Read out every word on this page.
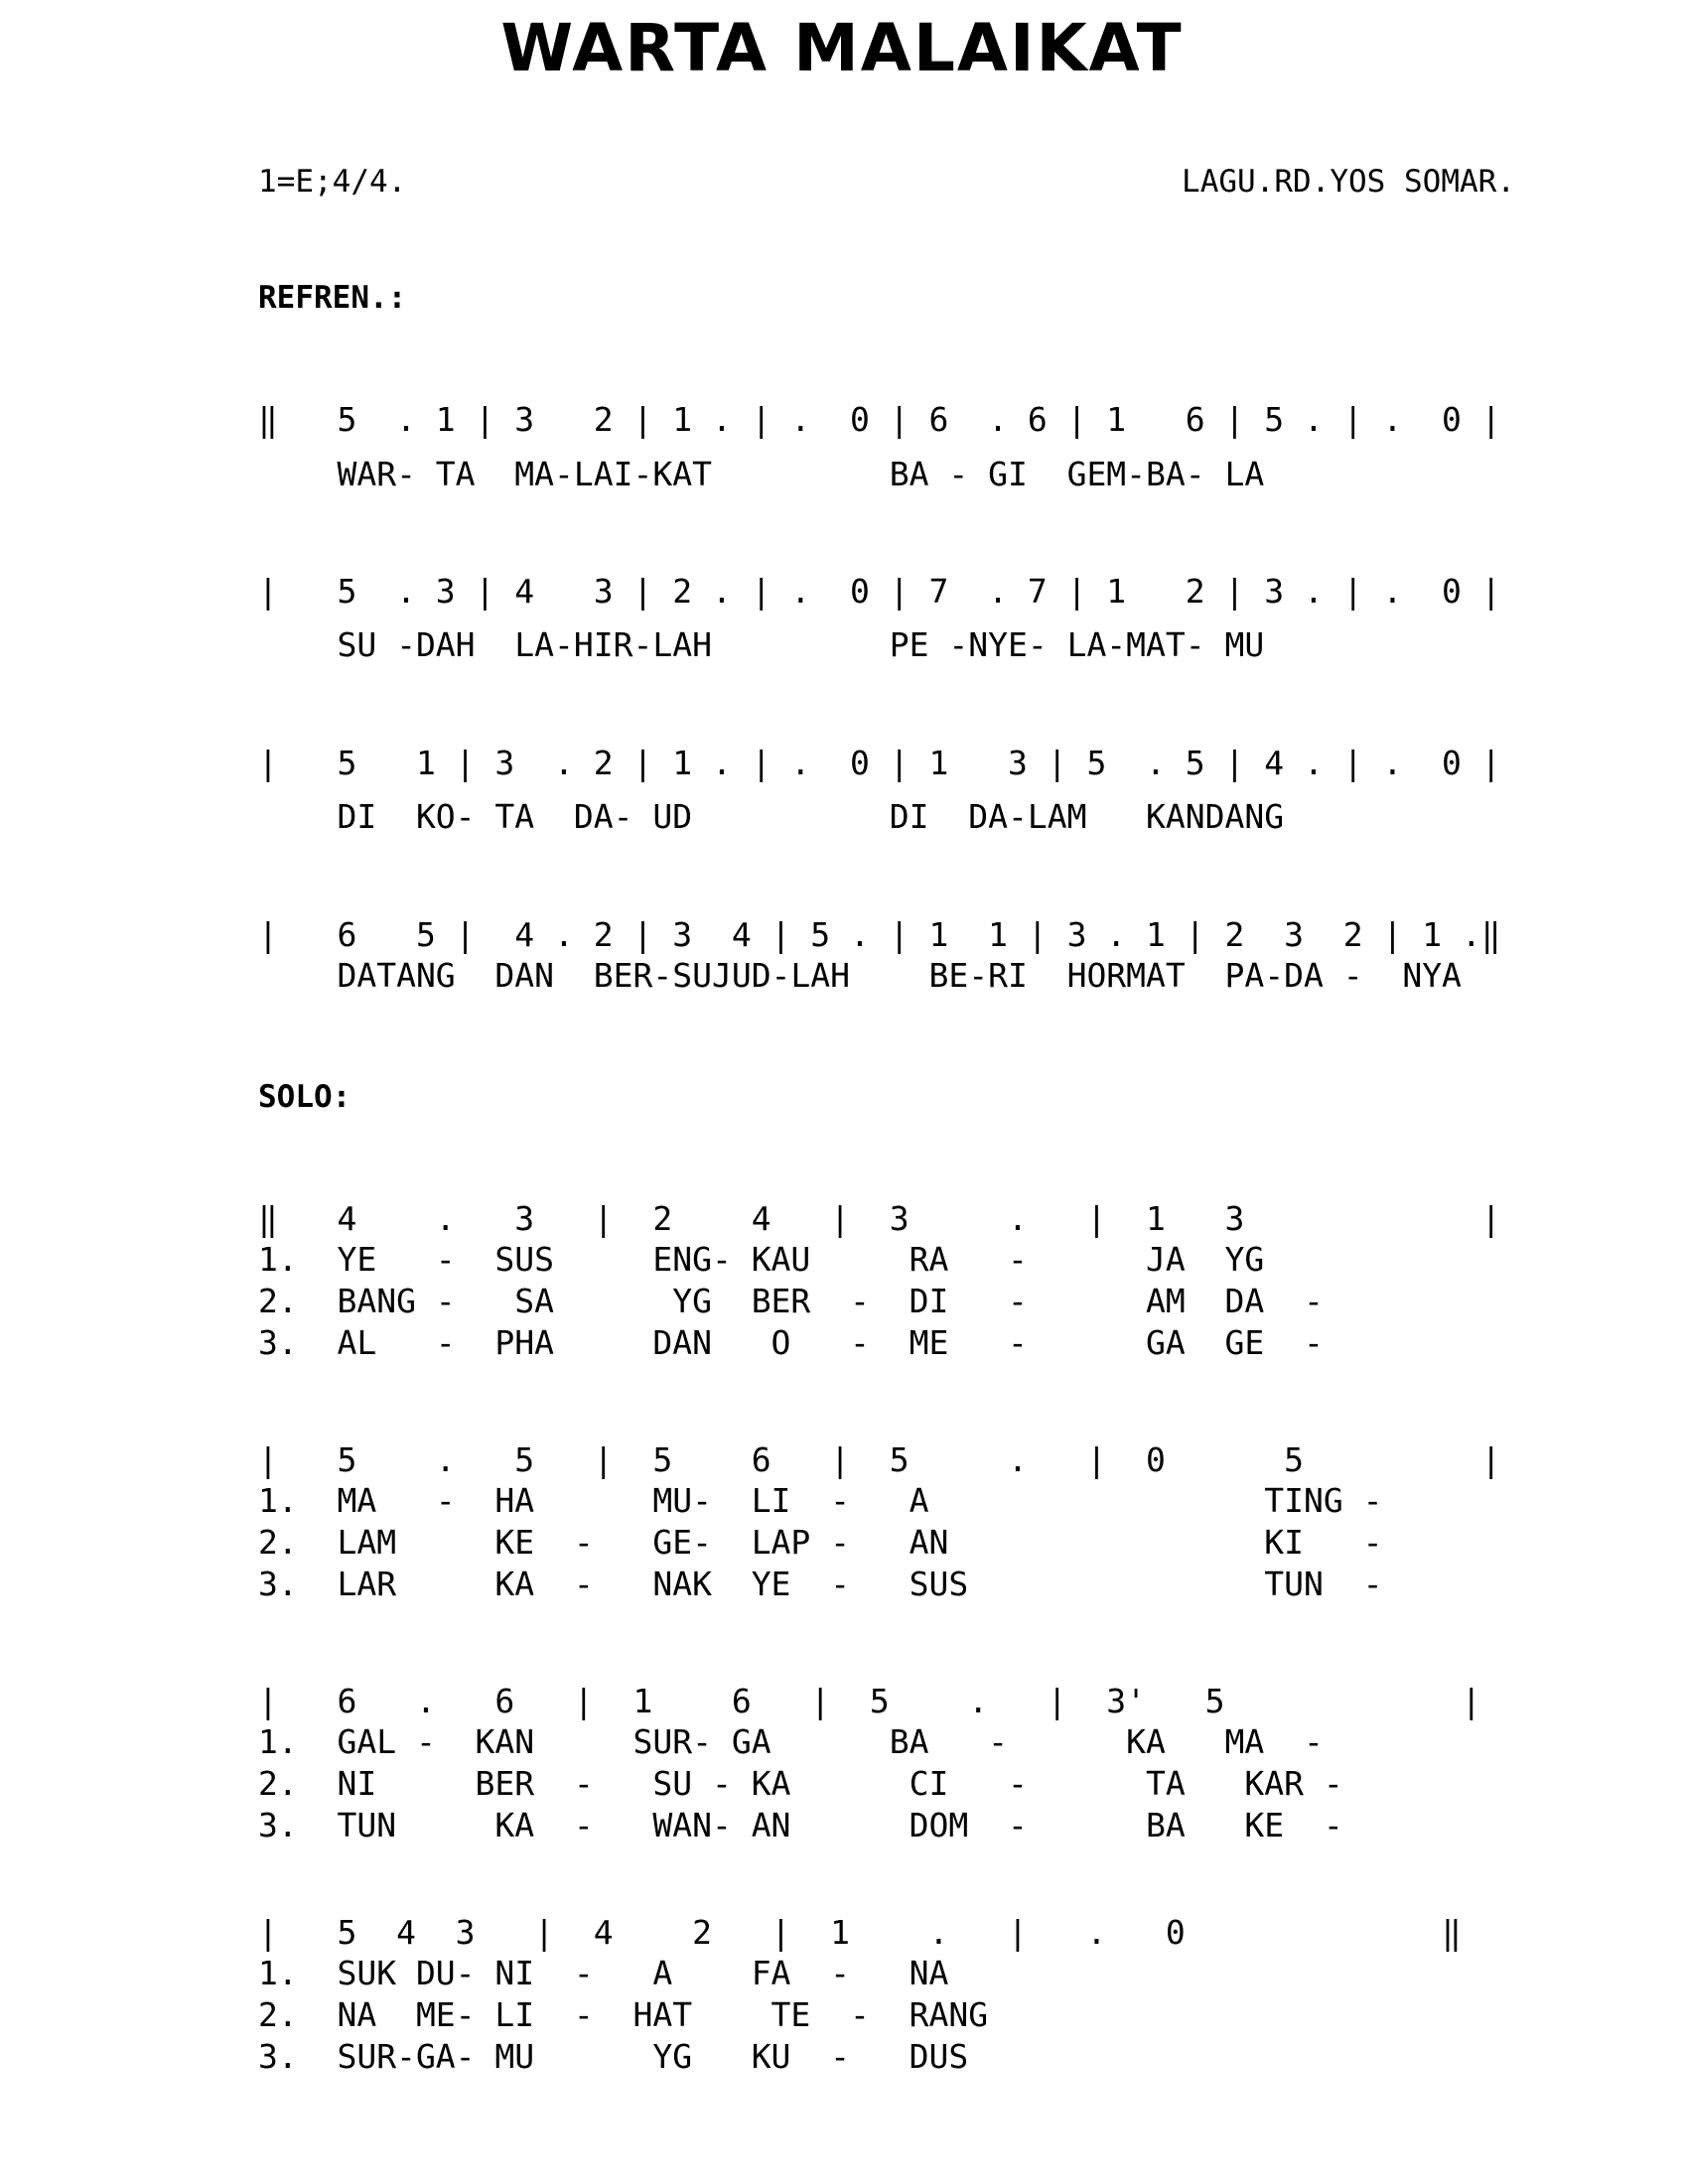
WARTA MALAIKAT
1=E;4/4.	LAGU.RD.YOS SOMAR.
REFREN.:
‖   5  . 1 | 3   2 | 1 . | .  0 | 6  . 6 | 1   6 | 5 . | .  0 |
WAR- TA  MA-LAI-KAT         BA - GI  GEM-BA- LA
|   5  . 3 | 4   3 | 2 . | .  0 | 7  . 7 | 1   2 | 3 . | .  0 |
SU -DAH  LA-HIR-LAH         PE -NYE- LA-MAT- MU
|   5   1 | 3  . 2 | 1 . | .  0 | 1   3 | 5  . 5 | 4 . | .  0 |
DI  KO- TA  DA- UD          DI  DA-LAM   KANDANG
|   6   5 |  4 . 2 | 3  4 | 5 . | 1  1 | 3 . 1 | 2  3  2 | 1 .‖
DATANG  DAN  BER-SUJUD-LAH    BE-RI  HORMAT  PA-DA -  NYA
SOLO:
‖   4    .   3   |  2    4   |  3     .   |  1   3            |
1.  YE   -  SUS     ENG- KAU     RA   -      JA  YG
2.  BANG -   SA      YG  BER  -  DI   -      AM  DA  -
3.  AL   -  PHA     DAN   O   -  ME   -      GA  GE  -
|   5    .   5   |  5    6   |  5     .   |  0      5         |
1.  MA   -  HA      MU-  LI  -   A                 TING -
2.  LAM     KE  -   GE-  LAP -   AN                KI   -
3.  LAR     KA  -   NAK  YE  -   SUS               TUN  -
|   6   .   6   |  1    6   |  5    .   |  3'   5            |
1.  GAL -  KAN     SUR- GA      BA   -      KA   MA  -
2.  NI     BER  -   SU - KA      CI   -      TA   KAR -
3.  TUN     KA  -   WAN- AN      DOM  -      BA   KE  -
|   5  4  3   |  4    2   |  1    .   |   .   0             ‖
1.  SUK DU- NI  -   A    FA  -   NA
2.  NA  ME- LI  -  HAT    TE  -  RANG
3.  SUR-GA- MU      YG   KU  -   DUS
